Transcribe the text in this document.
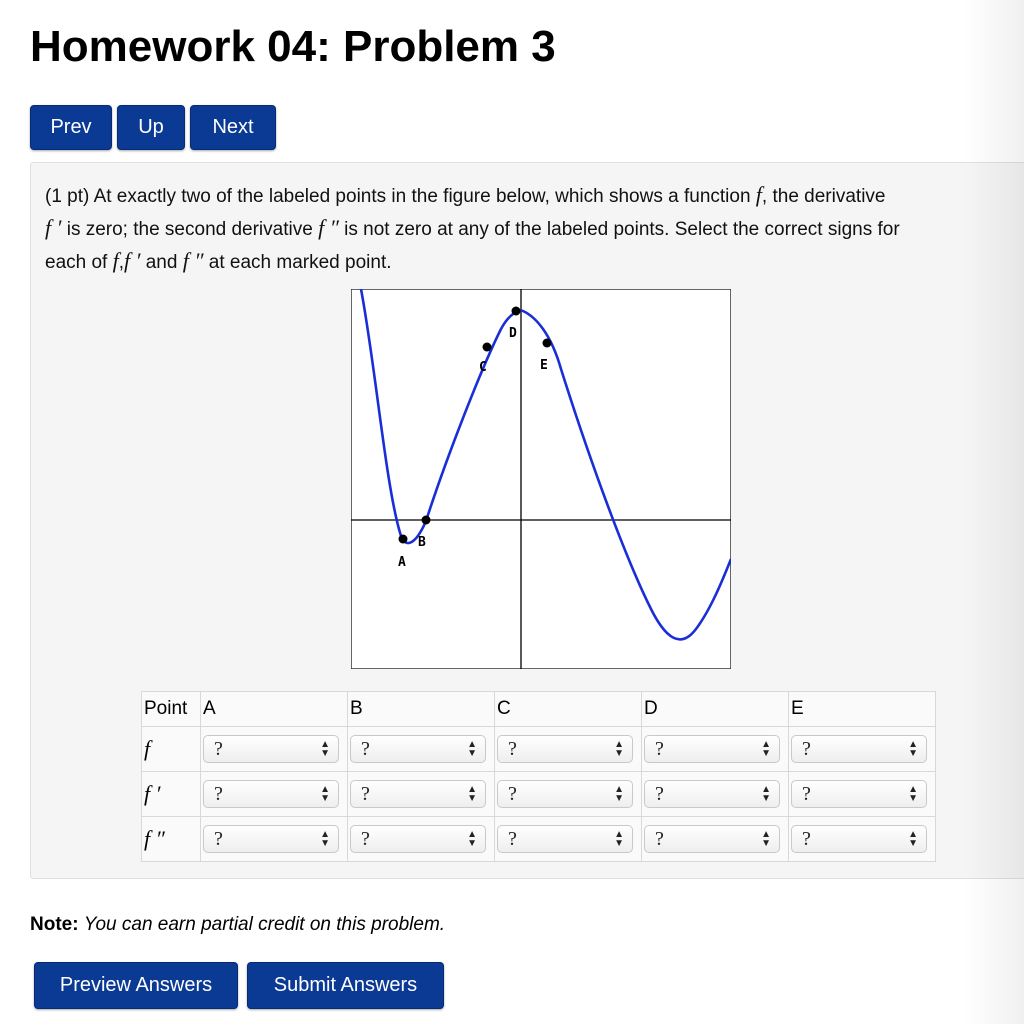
Homework 04: Problem 3
Prev	Up	Next
(1 pt) At exactly two of the labeled points in the figure below, which shows a function f, the derivative
f ′ is zero; the second derivative f ″ is not zero at any of the labeled points. Select the correct signs for
each of f,f ′ and f ″ at each marked point.
A
B
C
D
E
Point	A	B	C	D	E
f	? ▲
▼	? ▲
▼	? ▲
▼	? ▲
▼	? ▲
▼

f ′	? ▲
▼	? ▲
▼	? ▲
▼	? ▲
▼	? ▲
▼

f ″	? ▲
▼	? ▲
▼	? ▲
▼	? ▲
▼	? ▲
▼
Note: You can earn partial credit on this problem.
Preview Answers	Submit Answers
